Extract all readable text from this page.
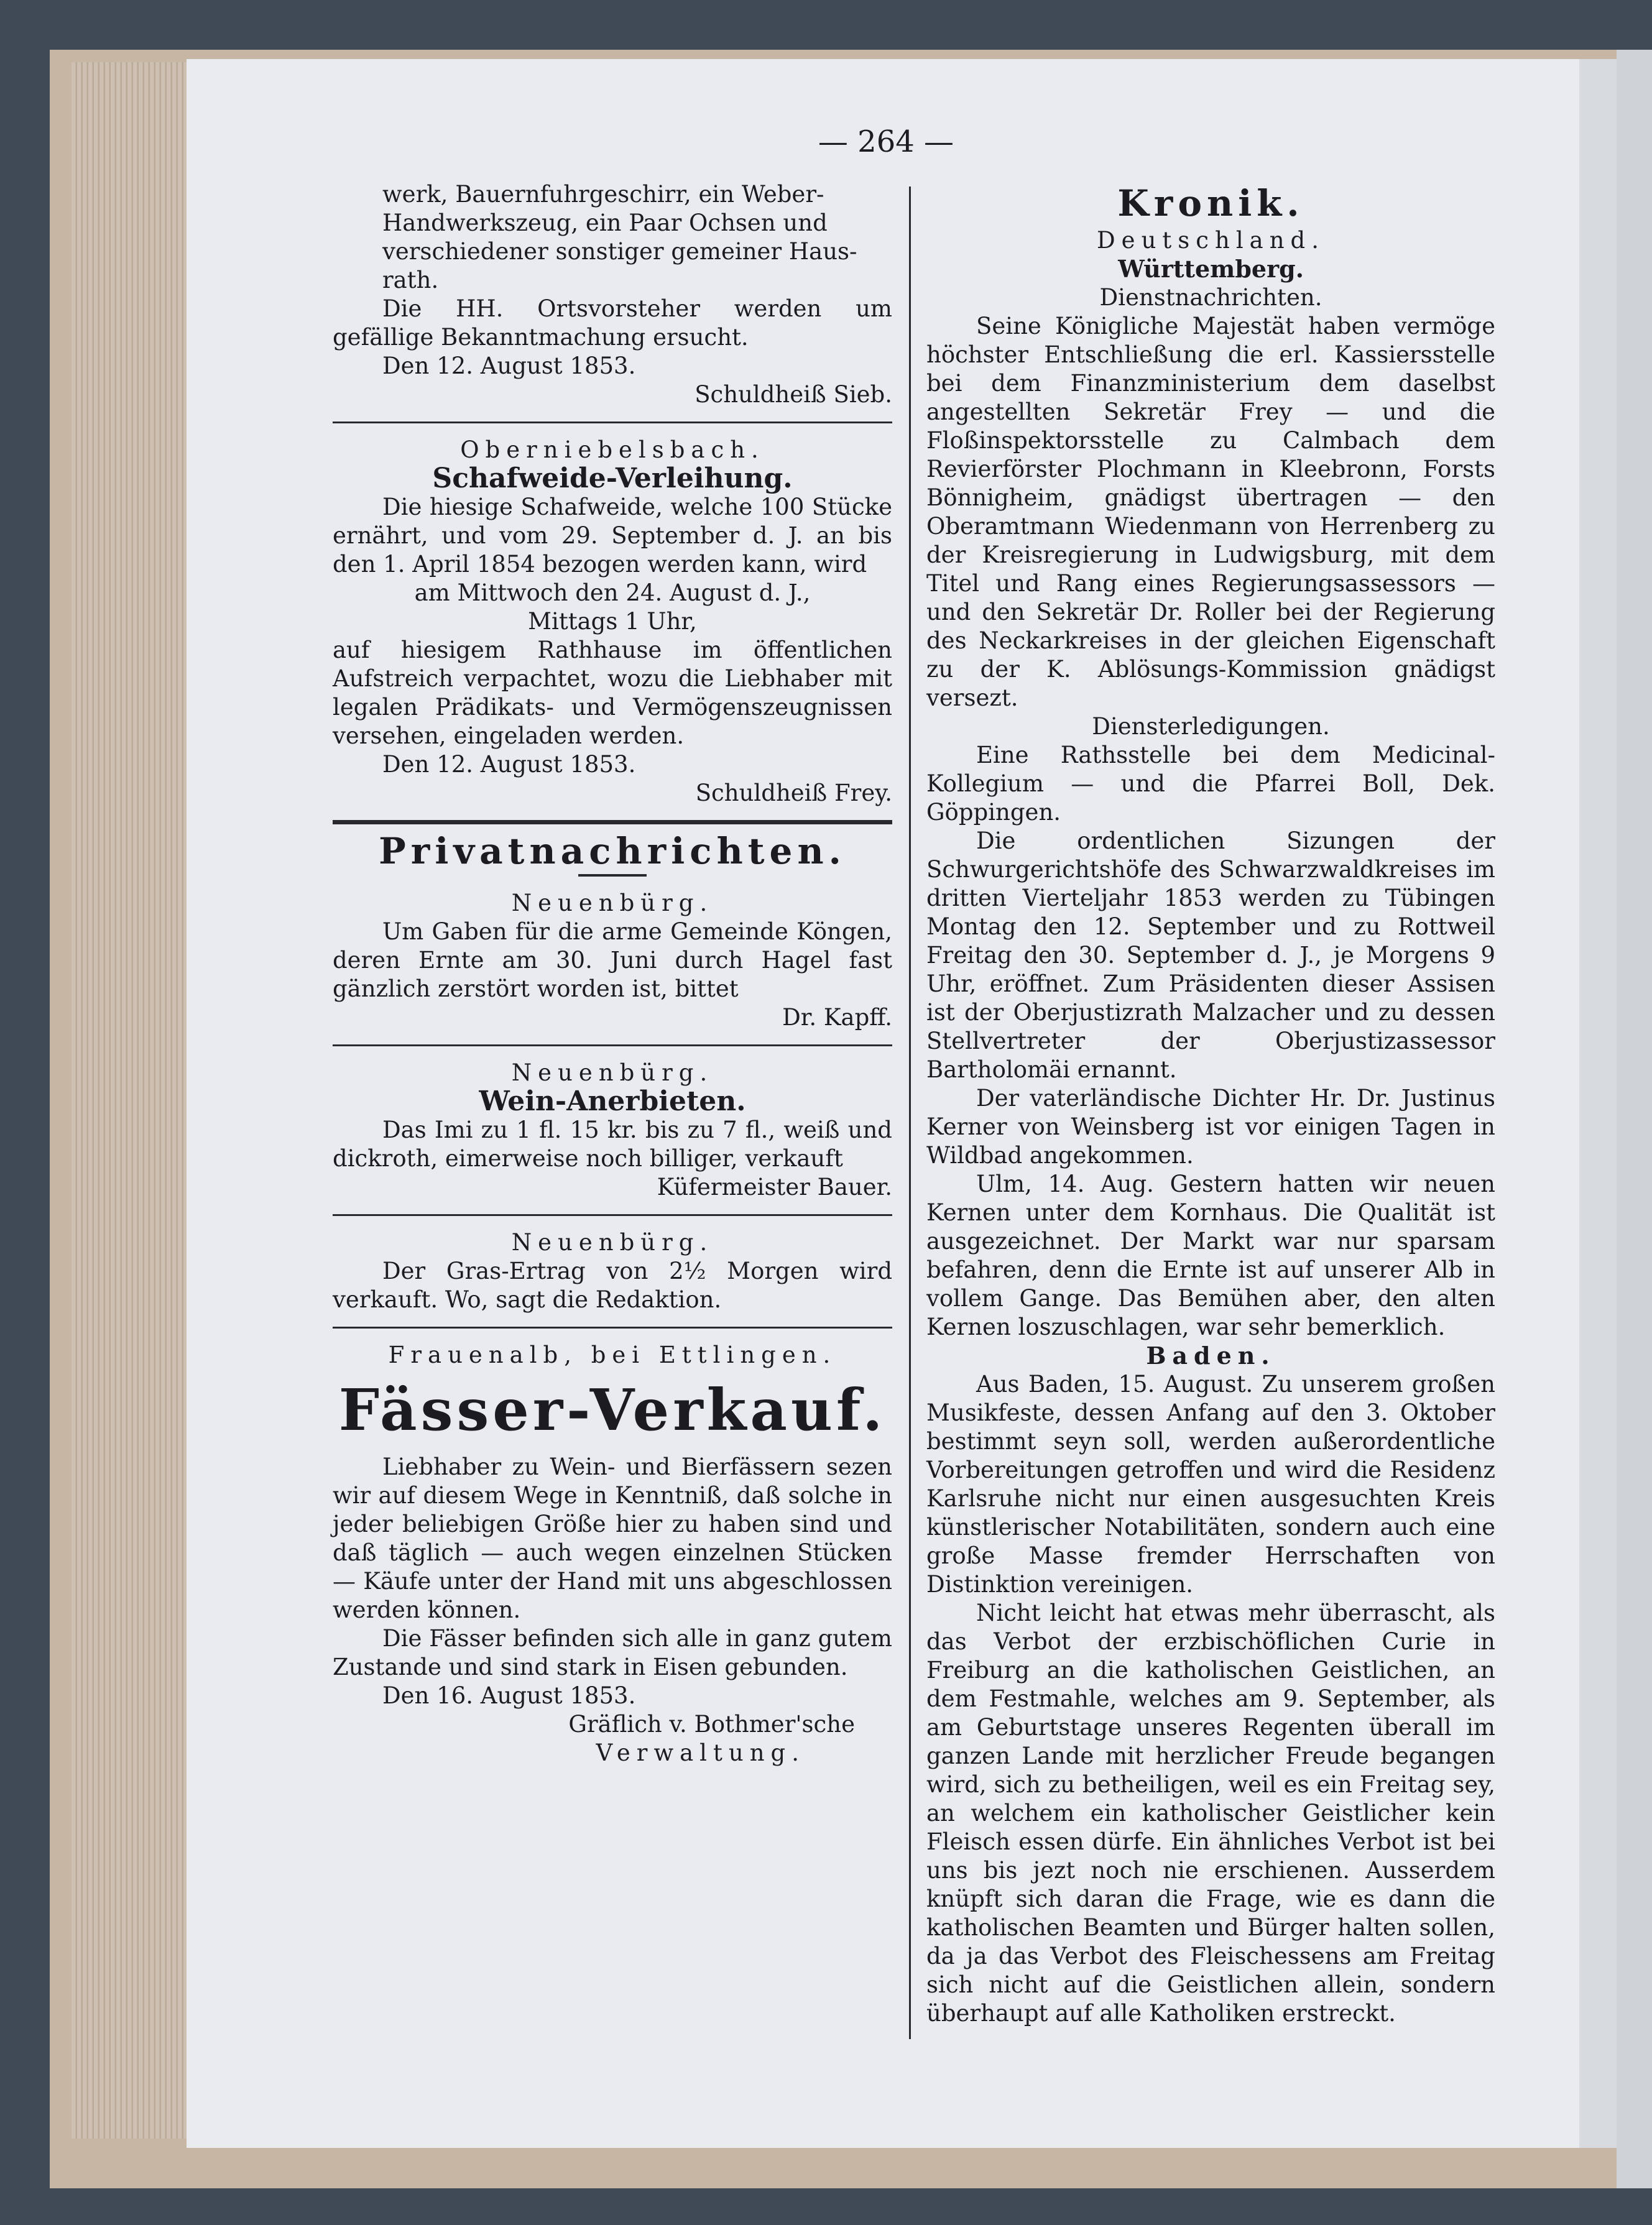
— 264 —

werk, Bauernfuhrgeschirr, ein Weber-

Handwerkszeug, ein Paar Ochsen und

verschiedener sonstiger gemeiner Haus-

rath.

Die HH. Ortsvorsteher werden um gefällige Bekanntmachung ersucht.

Den 12. August 1853.

Schuldheiß Sieb.

Oberniebelsbach.

Schafweide-Verleihung.

Die hiesige Schafweide, welche 100 Stücke ernährt, und vom 29. September d. J. an bis den 1. April 1854 bezogen werden kann, wird

am Mittwoch den 24. August d. J.,

Mittags 1 Uhr,

auf hiesigem Rathhause im öffentlichen Aufstreich verpachtet, wozu die Liebhaber mit legalen Prädikats- und Vermögenszeugnissen versehen, eingeladen werden.

Den 12. August 1853.

Schuldheiß Frey.

Privatnachrichten.

Neuenbürg.

Um Gaben für die arme Gemeinde Köngen, deren Ernte am 30. Juni durch Hagel fast gänzlich zerstört worden ist, bittet

Dr. Kapff.

Neuenbürg.

Wein-Anerbieten.

Das Imi zu 1 fl. 15 kr. bis zu 7 fl., weiß und dickroth, eimerweise noch billiger, verkauft

Küfermeister Bauer.

Neuenbürg.

Der Gras-Ertrag von 2½ Morgen wird verkauft. Wo, sagt die Redaktion.

Frauenalb, bei Ettlingen.

Fässer-Verkauf.

Liebhaber zu Wein- und Bierfässern sezen wir auf diesem Wege in Kenntniß, daß solche in jeder beliebigen Größe hier zu haben sind und daß täglich — auch wegen einzelnen Stücken — Käufe unter der Hand mit uns abgeschlossen werden können.

Die Fässer befinden sich alle in ganz gutem Zustande und sind stark in Eisen gebunden.

Den 16. August 1853.

Gräflich v. Bothmer'sche

Verwaltung.

Kronik.

Deutschland.

Württemberg.

Dienstnachrichten.

Seine Königliche Majestät haben vermöge höchster Entschließung die erl. Kassiersstelle bei dem Finanzministerium dem daselbst angestellten Sekretär Frey — und die Floßinspektorsstelle zu Calmbach dem Revierförster Plochmann in Kleebronn, Forsts Bönnigheim, gnädigst übertragen — den Oberamtmann Wiedenmann von Herrenberg zu der Kreisregierung in Ludwigsburg, mit dem Titel und Rang eines Regierungsassessors — und den Sekretär Dr. Roller bei der Regierung des Neckarkreises in der gleichen Eigenschaft zu der K. Ablösungs-Kommission gnädigst versezt.

Diensterledigungen.

Eine Rathsstelle bei dem Medicinal-Kollegium — und die Pfarrei Boll, Dek. Göppingen.

Die ordentlichen Sizungen der Schwurgerichtshöfe des Schwarzwaldkreises im dritten Vierteljahr 1853 werden zu Tübingen Montag den 12. September und zu Rottweil Freitag den 30. September d. J., je Morgens 9 Uhr, eröffnet. Zum Präsidenten dieser Assisen ist der Oberjustizrath Malzacher und zu dessen Stellvertreter der Oberjustizassessor Bartholomäi ernannt.

Der vaterländische Dichter Hr. Dr. Justinus Kerner von Weinsberg ist vor einigen Tagen in Wildbad angekommen.

Ulm, 14. Aug. Gestern hatten wir neuen Kernen unter dem Kornhaus. Die Qualität ist ausgezeichnet. Der Markt war nur sparsam befahren, denn die Ernte ist auf unserer Alb in vollem Gange. Das Bemühen aber, den alten Kernen loszuschlagen, war sehr bemerklich.

Baden.

Aus Baden, 15. August. Zu unserem großen Musikfeste, dessen Anfang auf den 3. Oktober bestimmt seyn soll, werden außerordentliche Vorbereitungen getroffen und wird die Residenz Karlsruhe nicht nur einen ausgesuchten Kreis künstlerischer Notabilitäten, sondern auch eine große Masse fremder Herrschaften von Distinktion vereinigen.

Nicht leicht hat etwas mehr überrascht, als das Verbot der erzbischöflichen Curie in Freiburg an die katholischen Geistlichen, an dem Festmahle, welches am 9. September, als am Geburtstage unseres Regenten überall im ganzen Lande mit herzlicher Freude begangen wird, sich zu betheiligen, weil es ein Freitag sey, an welchem ein katholischer Geistlicher kein Fleisch essen dürfe. Ein ähnliches Verbot ist bei uns bis jezt noch nie erschienen. Ausserdem knüpft sich daran die Frage, wie es dann die katholischen Beamten und Bürger halten sollen, da ja das Verbot des Fleischessens am Freitag sich nicht auf die Geistlichen allein, sondern überhaupt auf alle Katholiken erstreckt.
